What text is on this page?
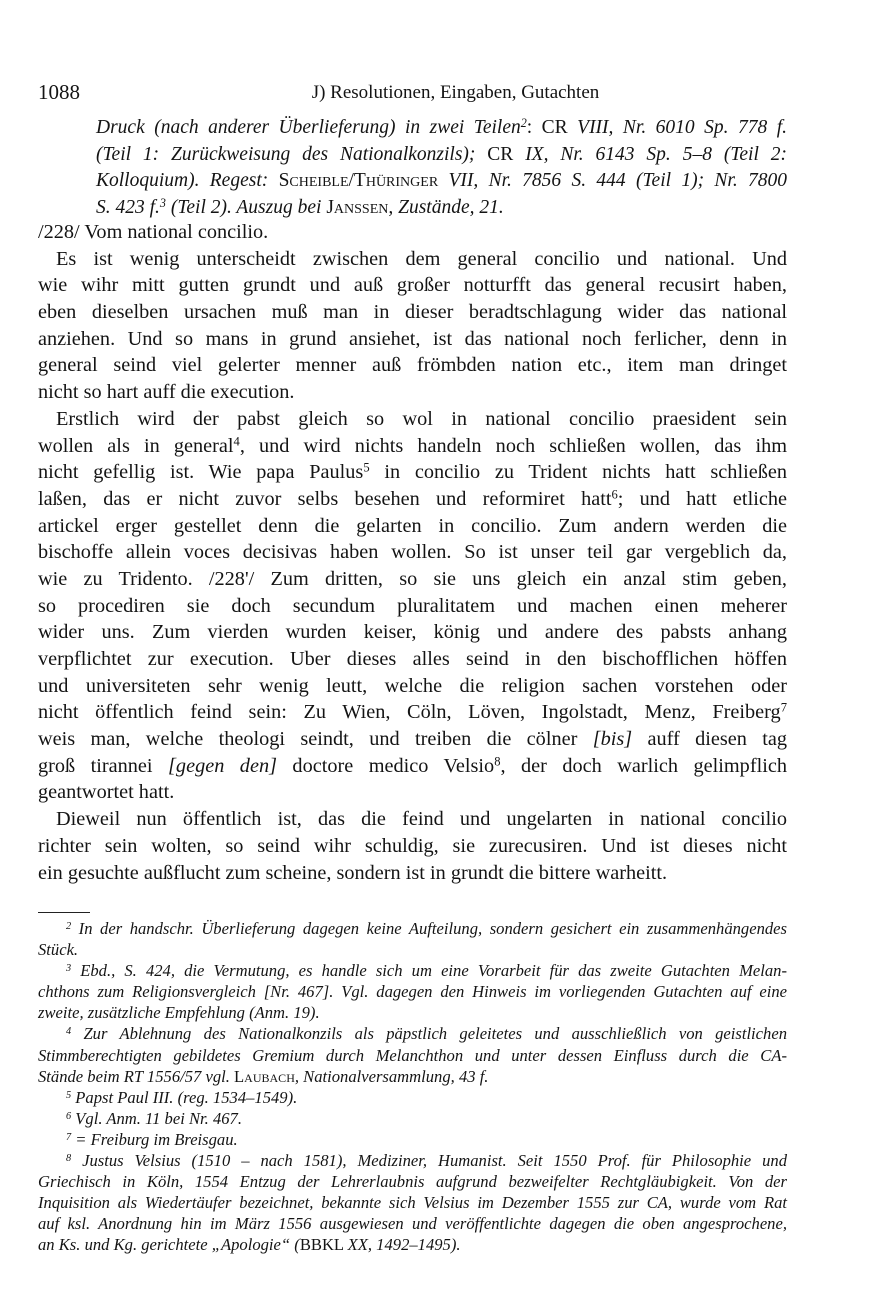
1088	J) Resolutionen, Eingaben, Gutachten
Druck (nach anderer Überlieferung) in zwei Teilen$^2$: CR VIII, Nr. 6010 Sp. 778 f.
(Teil 1: Zurückweisung des Nationalkonzils); CR IX, Nr. 6143 Sp. 5–8 (Teil 2:
Kolloquium). Regest: Scheible/Thüringer VII, Nr. 7856 S. 444 (Teil 1); Nr. 7800
S. 423 f.$^3$ (Teil 2). Auszug bei Janssen, Zustände, 21.
/228/ Vom national concilio.
Es ist wenig unterscheidt zwischen dem general concilio und national. Und
wie wihr mitt gutten grundt und auß großer notturfft das general recusirt haben,
eben dieselben ursachen muß man in dieser beradtschlagung wider das national
anziehen. Und so mans in grund ansiehet, ist das national noch ferlicher, denn in
general seind viel gelerter menner auß frömbden nation etc., item man dringet
nicht so hart auff die execution.
Erstlich wird der pabst gleich so wol in national concilio praesident sein
wollen als in general$^4$, und wird nichts handeln noch schließen wollen, das ihm
nicht gefellig ist. Wie papa Paulus$^5$ in concilio zu Trident nichts hatt schließen
laßen, das er nicht zuvor selbs besehen und reformiret hatt$^6$; und hatt etliche
artickel erger gestellet denn die gelarten in concilio. Zum andern werden die
bischoffe allein voces decisivas haben wollen. So ist unser teil gar vergeblich da,
wie zu Tridento. /228'/ Zum dritten, so sie uns gleich ein anzal stim geben,
so procediren sie doch secundum pluralitatem und machen einen meherer
wider uns. Zum vierden wurden keiser, könig und andere des pabsts anhang
verpflichtet zur execution. Uber dieses alles seind in den bischofflichen höffen
und universiteten sehr wenig leutt, welche die religion sachen vorstehen oder
nicht öffentlich feind sein: Zu Wien, Cöln, Löven, Ingolstadt, Menz, Freiberg$^7$
weis man, welche theologi seindt, und treiben die cölner [bis] auff diesen tag
groß tirannei [gegen den] doctore medico Velsio$^8$, der doch warlich gelimpflich
geantwortet hatt.
Dieweil nun öffentlich ist, das die feind und ungelarten in national concilio
richter sein wolten, so seind wihr schuldig, sie zurecusiren. Und ist dieses nicht
ein gesuchte außflucht zum scheine, sondern ist in grundt die bittere warheitt.
$^2$ In der handschr. Überlieferung dagegen keine Aufteilung, sondern gesichert ein zusammenhängendes
Stück.
$^3$ Ebd., S. 424, die Vermutung, es handle sich um eine Vorarbeit für das zweite Gutachten Melan-
chthons zum Religionsvergleich [Nr. 467]. Vgl. dagegen den Hinweis im vorliegenden Gutachten auf eine
zweite, zusätzliche Empfehlung (Anm. 19).
$^4$ Zur Ablehnung des Nationalkonzils als päpstlich geleitetes und ausschließlich von geistlichen
Stimmberechtigten gebildetes Gremium durch Melanchthon und unter dessen Einfluss durch die CA-
Stände beim RT 1556/57 vgl. Laubach, Nationalversammlung, 43 f.
$^5$ Papst Paul III. (reg. 1534–1549).
$^6$ Vgl. Anm. 11 bei Nr. 467.
$^7$ = Freiburg im Breisgau.
$^8$ Justus Velsius (1510 – nach 1581), Mediziner, Humanist. Seit 1550 Prof. für Philosophie und
Griechisch in Köln, 1554 Entzug der Lehrerlaubnis aufgrund bezweifelter Rechtgläubigkeit. Von der
Inquisition als Wiedertäufer bezeichnet, bekannte sich Velsius im Dezember 1555 zur CA, wurde vom Rat
auf ksl. Anordnung hin im März 1556 ausgewiesen und veröffentlichte dagegen die oben angesprochene,
an Ks. und Kg. gerichtete „Apologie“ (BBKL XX, 1492–1495).
